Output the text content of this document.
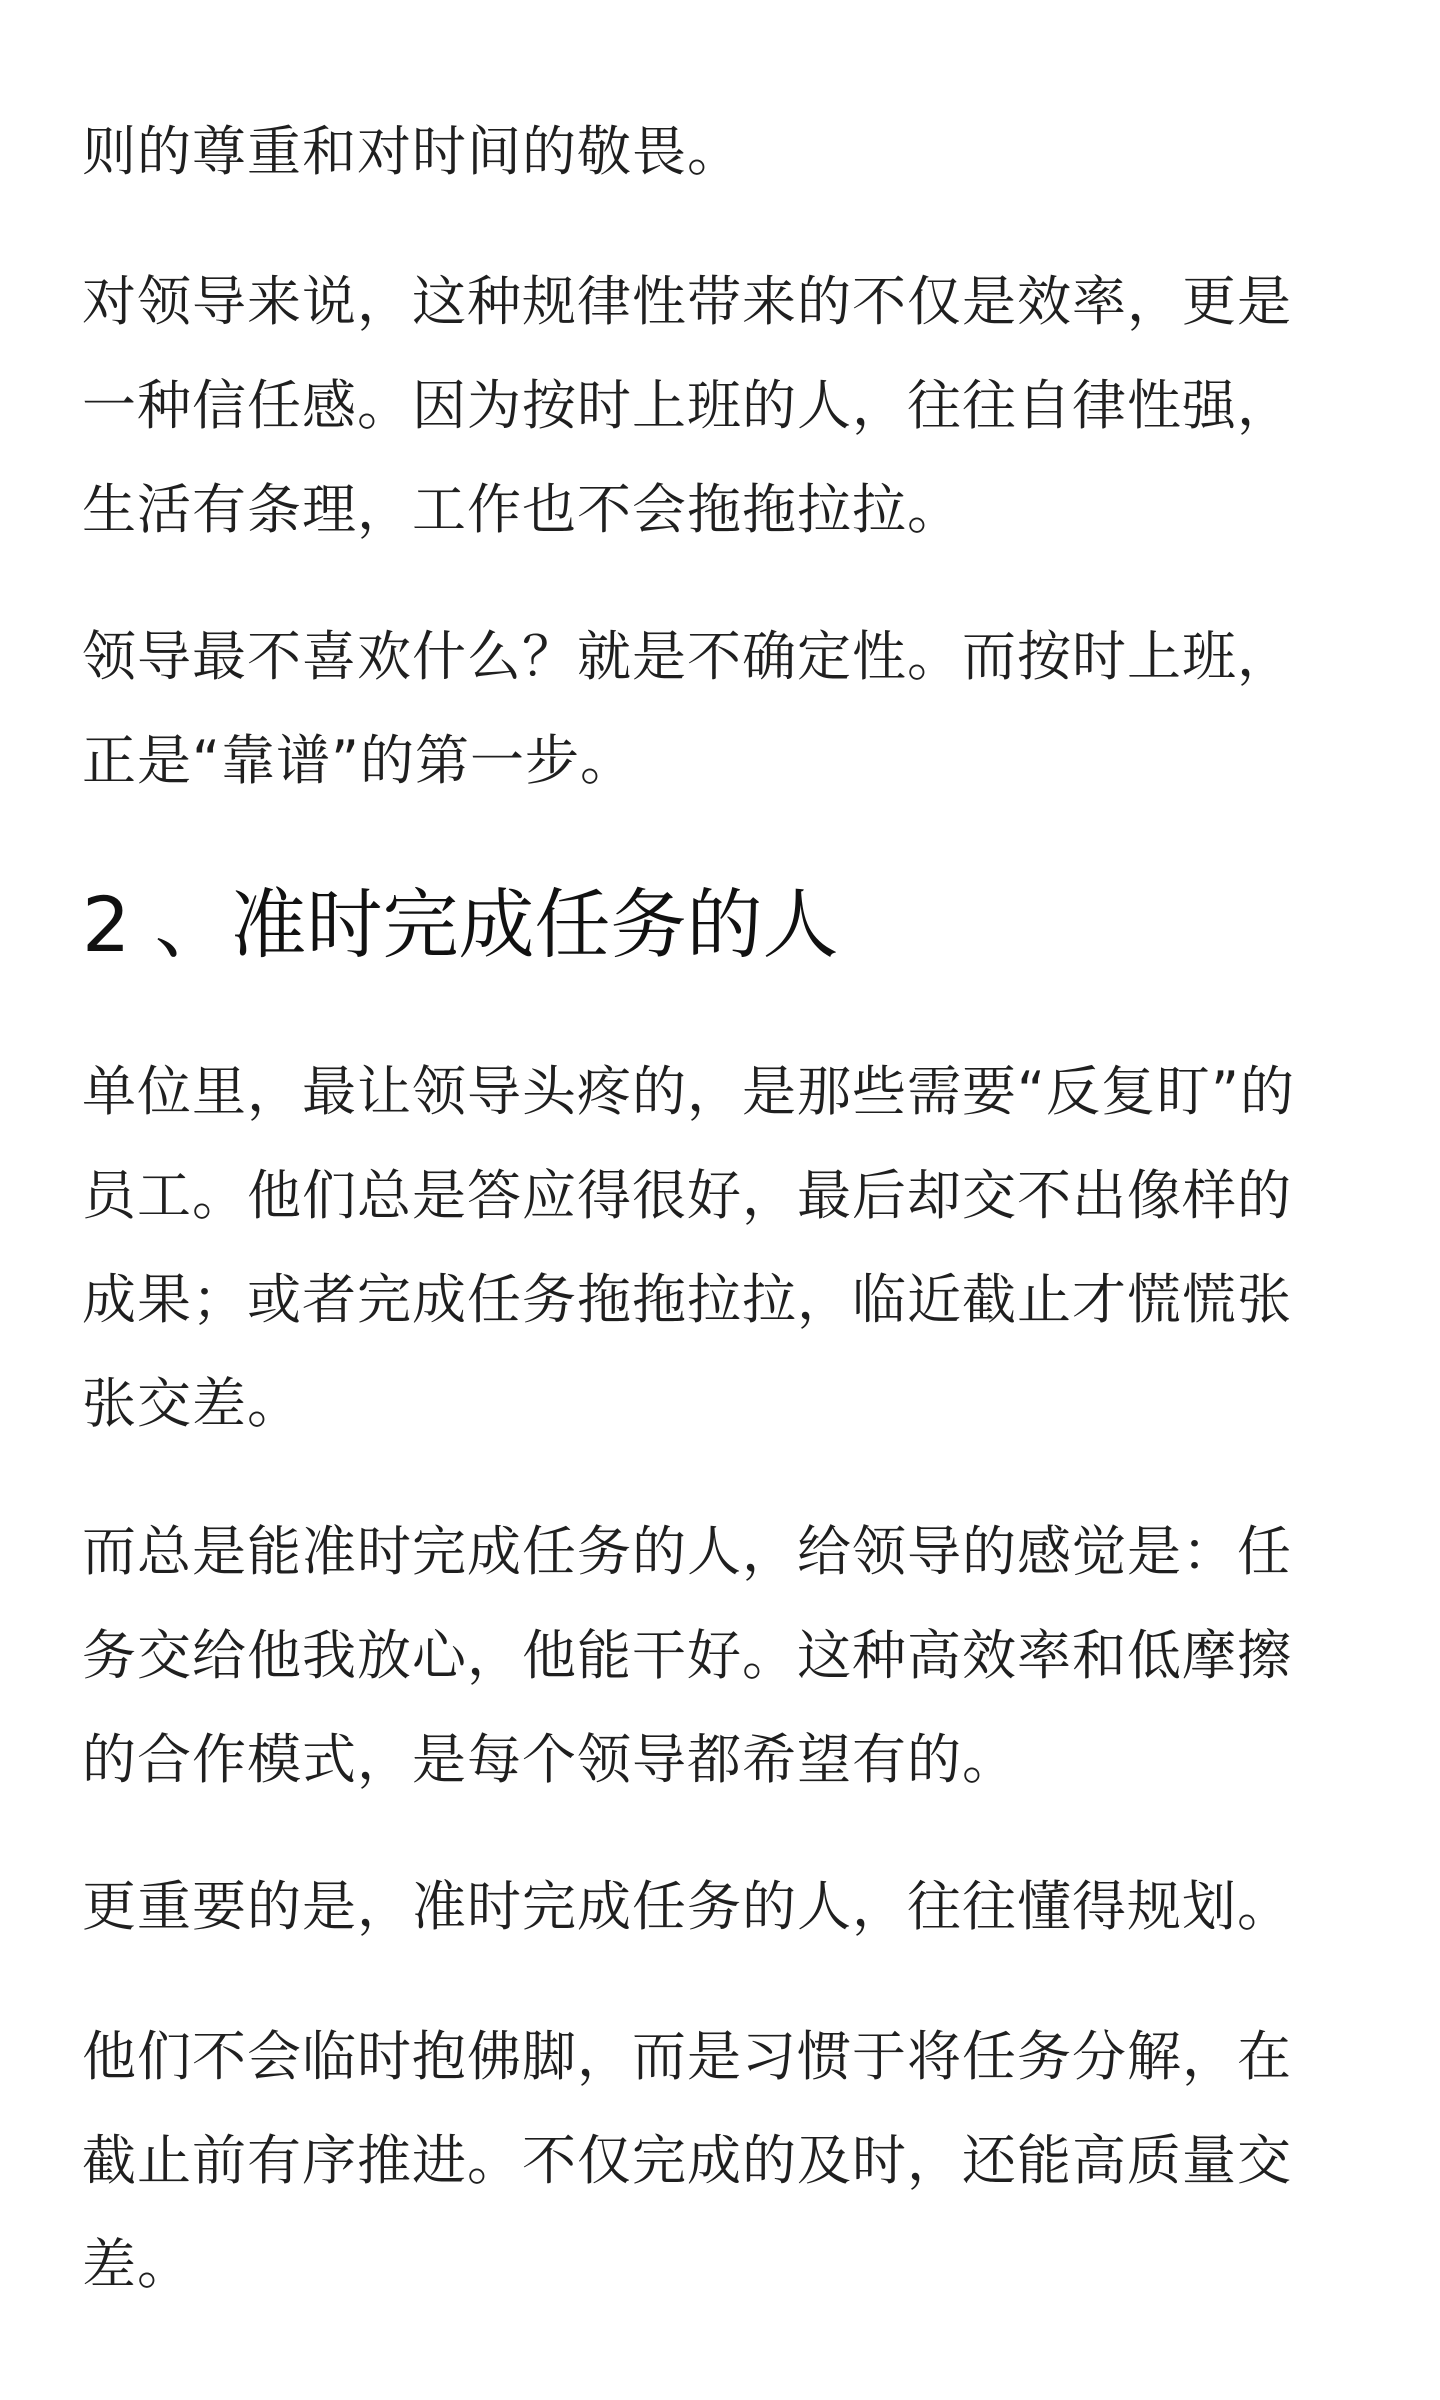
则的尊重和对时间的敬畏。

对领导来说，这种规律性带来的不仅是效率，更是
一种信任感。因为按时上班的人，往往自律性强，
生活有条理，工作也不会拖拖拉拉。

领导最不喜欢什么？就是不确定性。而按时上班，
正是“靠谱”的第一步。

2 、准时完成任务的人

单位里，最让领导头疼的，是那些需要“反复盯”的
员工。他们总是答应得很好，最后却交不出像样的
成果；或者完成任务拖拖拉拉，临近截止才慌慌张
张交差。

而总是能准时完成任务的人，给领导的感觉是：任
务交给他我放心，他能干好。这种高效率和低摩擦
的合作模式，是每个领导都希望有的。

更重要的是，准时完成任务的人，往往懂得规划。

他们不会临时抱佛脚，而是习惯于将任务分解，在
截止前有序推进。不仅完成的及时，还能高质量交
差。
